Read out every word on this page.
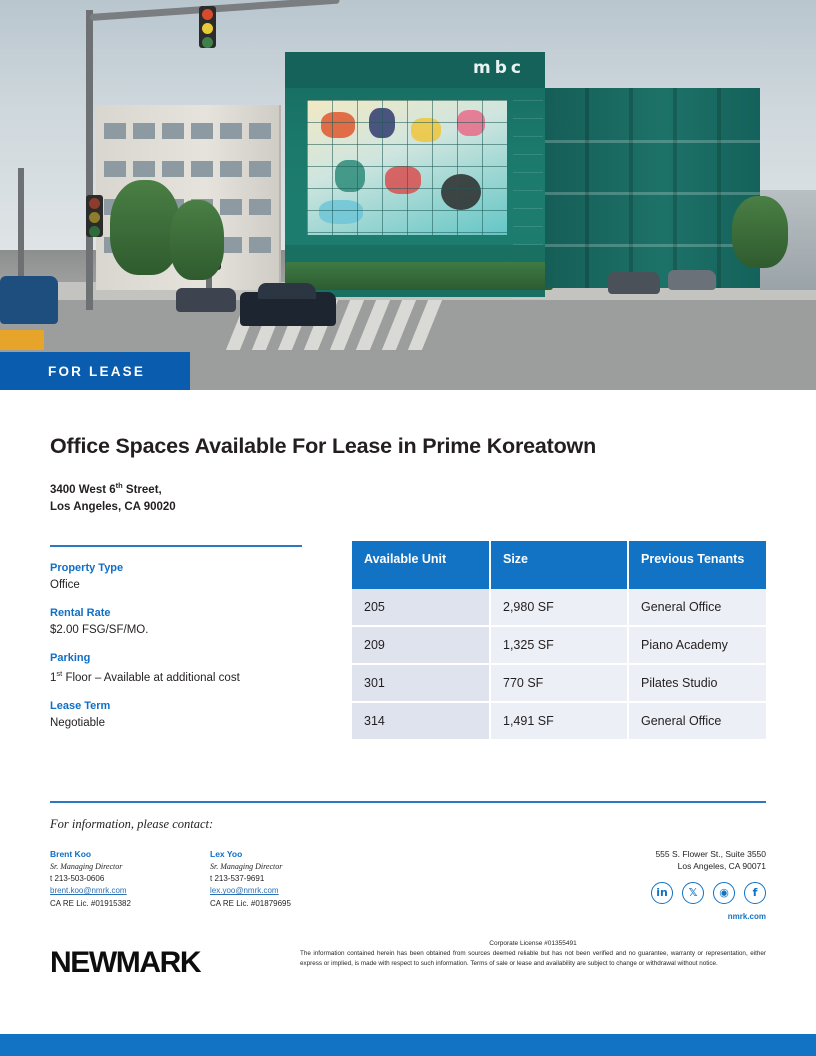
mbc
FOR LEASE
Office Spaces Available For Lease in Prime Koreatown
3400 West 6th Street,
Los Angeles, CA 90020
Property Type
Office
Rental Rate
$2.00 FSG/SF/MO.
Parking
1st Floor – Available at additional cost
Lease Term
Negotiable
Available Unit	Size	Previous Tenants
205	2,980 SF	General Office
209	1,325 SF	Piano Academy
301	770 SF	Pilates Studio
314	1,491 SF	General Office
For information, please contact:
Brent Koo
Sr. Managing Director
t 213-503-0606
brent.koo@nmrk.com
CA RE Lic. #01915382
Lex Yoo
Sr. Managing Director
t 213-537-9691
lex.yoo@nmrk.com
CA RE Lic. #01879695
555 S. Flower St., Suite 3550
Los Angeles, CA 90071
in	𝕏	◉	f
nmrk.com
NEWMARK
Corporate License #01355491
The information contained herein has been obtained from sources deemed reliable but has not been verified and no guarantee, warranty or representation, either express or implied, is made with respect to such information. Terms of sale or lease and availability are subject to change or withdrawal without notice.
